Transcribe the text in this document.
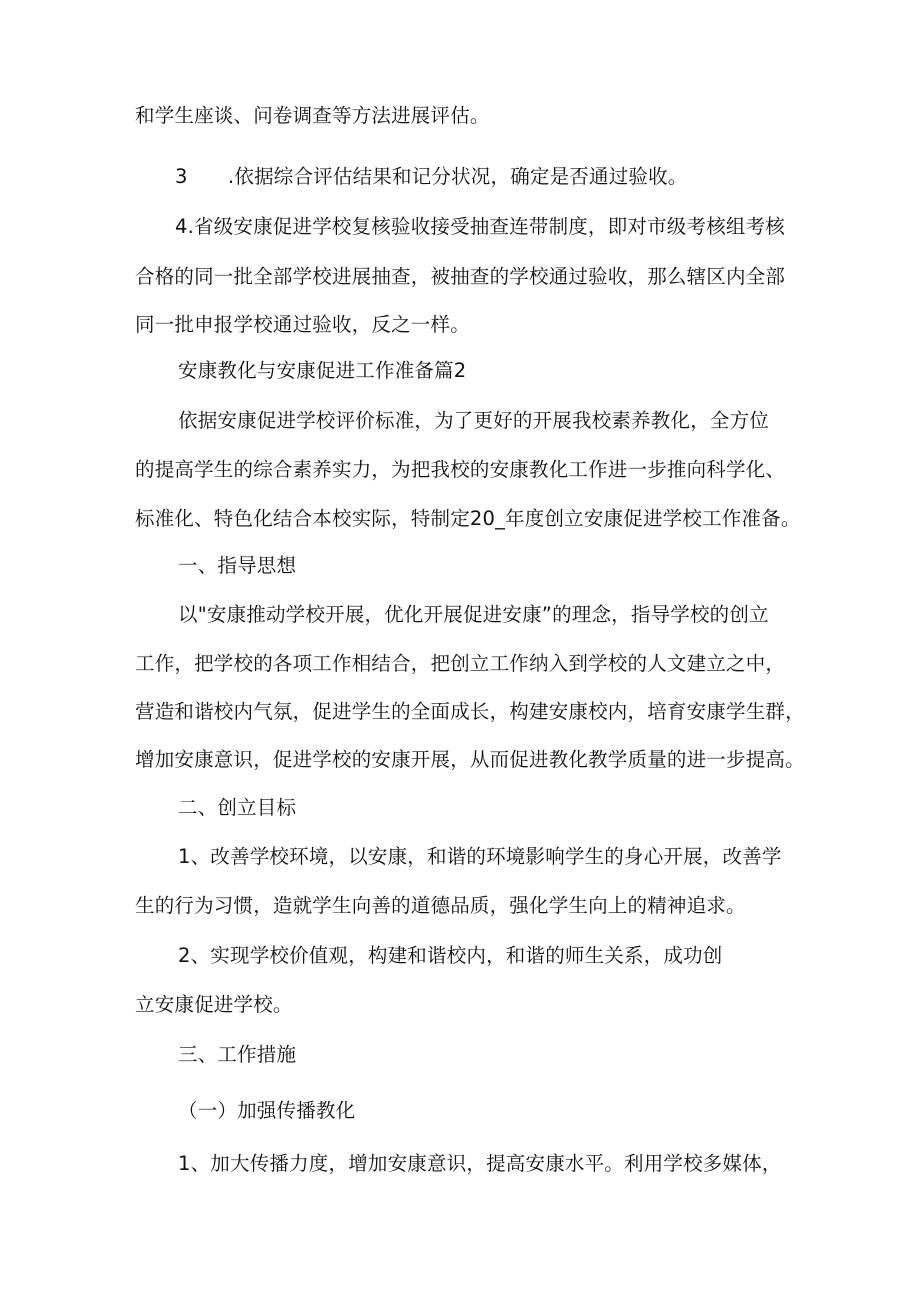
和学生座谈、问卷调查等方法进展评估。
3 .依据综合评估结果和记分状况，确定是否通过验收。
4.省级安康促进学校复核验收接受抽查连带制度，即对市级考核组考核
合格的同一批全部学校进展抽查，被抽查的学校通过验收，那么辖区内全部
同一批申报学校通过验收，反之一样。
安康教化与安康促进工作准备篇2
依据安康促进学校评价标准，为了更好的开展我校素养教化，全方位
的提高学生的综合素养实力，为把我校的安康教化工作进一步推向科学化、
标准化、特色化结合本校实际，特制定20_年度创立安康促进学校工作准备。
一、指导思想
以"安康推动学校开展，优化开展促进安康”的理念，指导学校的创立
工作，把学校的各项工作相结合，把创立工作纳入到学校的人文建立之中，
营造和谐校内气氛，促进学生的全面成长，构建安康校内，培育安康学生群，
增加安康意识，促进学校的安康开展，从而促进教化教学质量的进一步提高。
二、创立目标
1、改善学校环境，以安康，和谐的环境影响学生的身心开展，改善学
生的行为习惯，造就学生向善的道德品质，强化学生向上的精神追求。
2、实现学校价值观，构建和谐校内，和谐的师生关系，成功创
立安康促进学校。
三、工作措施
（一）加强传播教化
1、加大传播力度，增加安康意识，提高安康水平。利用学校多媒体，
